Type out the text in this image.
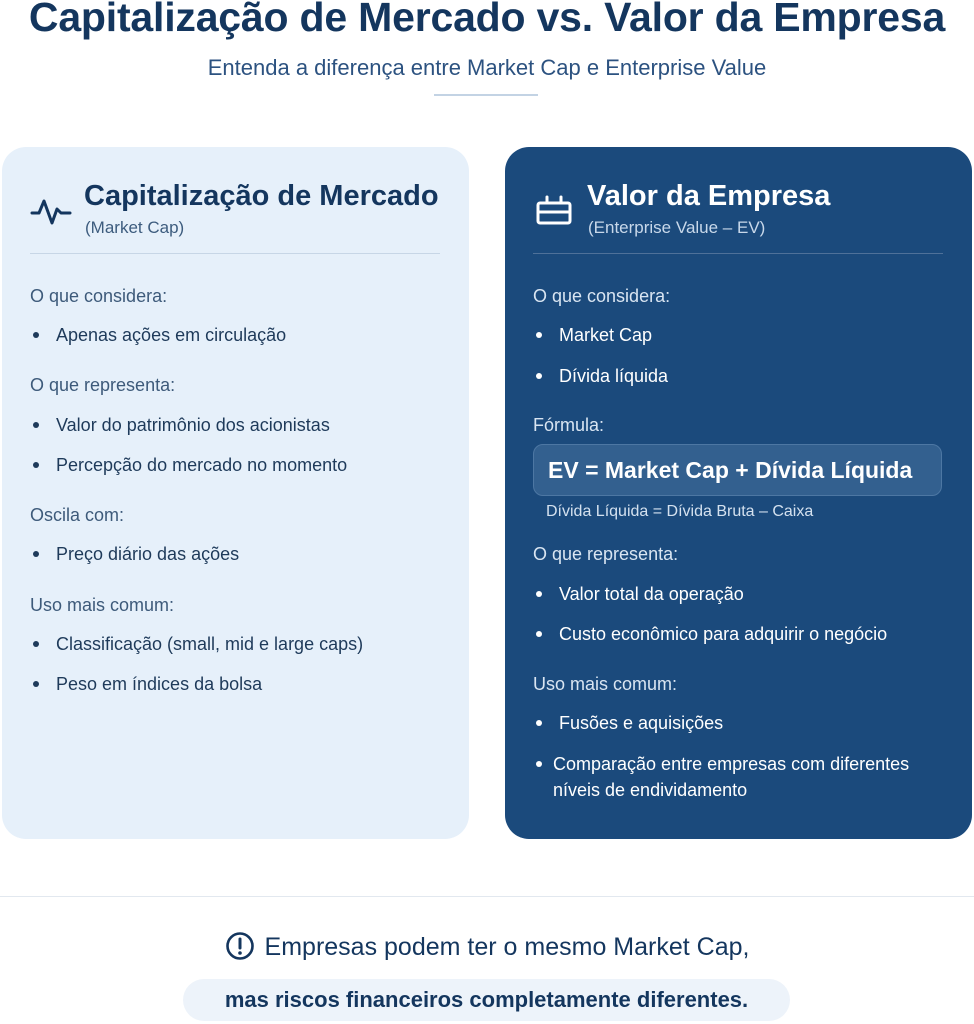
Capitalização de Mercado vs. Valor da Empresa
Entenda a diferença entre Market Cap e Enterprise Value
Capitalização de Mercado
(Market Cap)
O que considera:
Apenas ações em circulação
O que representa:
Valor do patrimônio dos acionistas
Percepção do mercado no momento
Oscila com:
Preço diário das ações
Uso mais comum:
Classificação (small, mid e large caps)
Peso em índices da bolsa
Valor da Empresa
(Enterprise Value – EV)
O que considera:
Market Cap
Dívida líquida
Fórmula:
EV = Market Cap + Dívida Líquida
Dívida Líquida = Dívida Bruta – Caixa
O que representa:
Valor total da operação
Custo econômico para adquirir o negócio
Uso mais comum:
Fusões e aquisições
Comparação entre empresas com diferentes níveis de endividamento
Empresas podem ter o mesmo Market Cap,
mas riscos financeiros completamente diferentes.
